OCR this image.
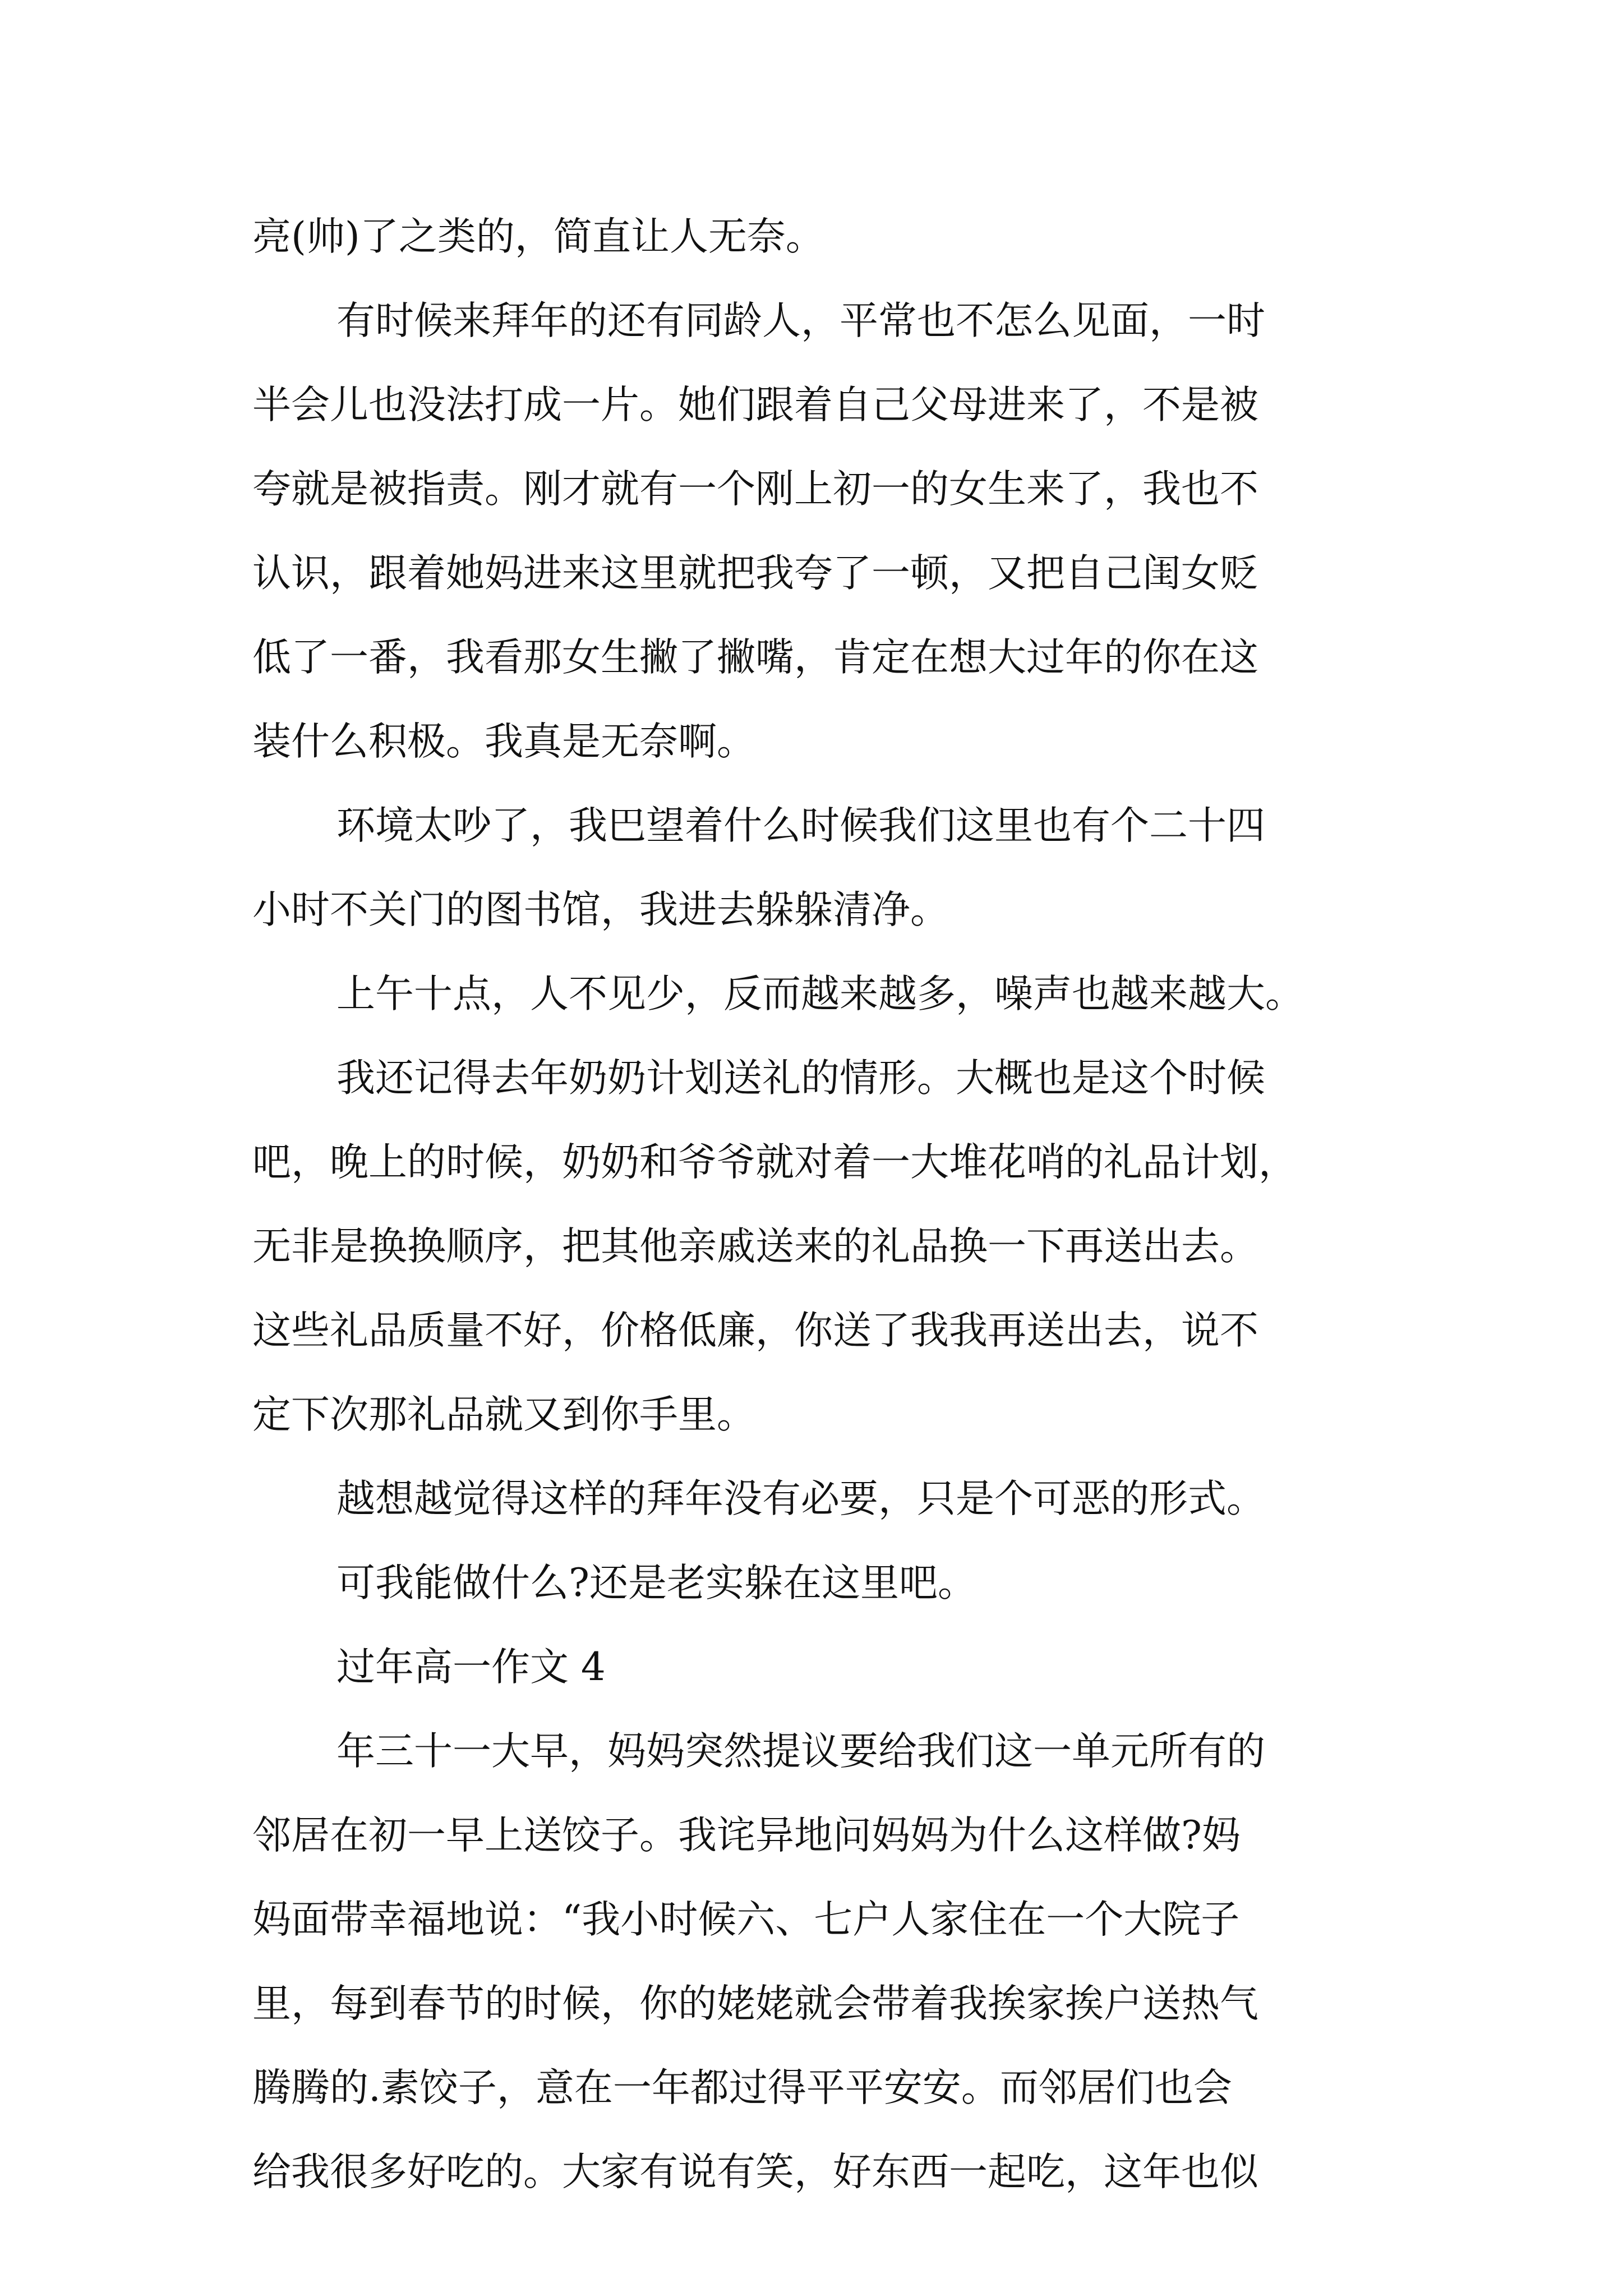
亮(帅)了之类的，简直让人无奈。

有时候来拜年的还有同龄人，平常也不怎么见面，一时

半会儿也没法打成一片。她们跟着自己父母进来了，不是被

夸就是被指责。刚才就有一个刚上初一的女生来了，我也不

认识，跟着她妈进来这里就把我夸了一顿，又把自己闺女贬

低了一番，我看那女生撇了撇嘴，肯定在想大过年的你在这

装什么积极。我真是无奈啊。

环境太吵了，我巴望着什么时候我们这里也有个二十四

小时不关门的图书馆，我进去躲躲清净。

上午十点，人不见少，反而越来越多，噪声也越来越大。

我还记得去年奶奶计划送礼的情形。大概也是这个时候

吧，晚上的时候，奶奶和爷爷就对着一大堆花哨的礼品计划，

无非是换换顺序，把其他亲戚送来的礼品换一下再送出去。

这些礼品质量不好，价格低廉，你送了我我再送出去，说不

定下次那礼品就又到你手里。

越想越觉得这样的拜年没有必要，只是个可恶的形式。

可我能做什么?还是老实躲在这里吧。

过年高一作文 4

年三十一大早，妈妈突然提议要给我们这一单元所有的

邻居在初一早上送饺子。我诧异地问妈妈为什么这样做?妈

妈面带幸福地说：“我小时候六、七户人家住在一个大院子

里，每到春节的时候，你的姥姥就会带着我挨家挨户送热气

腾腾的.素饺子，意在一年都过得平平安安。而邻居们也会

给我很多好吃的。大家有说有笑，好东西一起吃，这年也似
